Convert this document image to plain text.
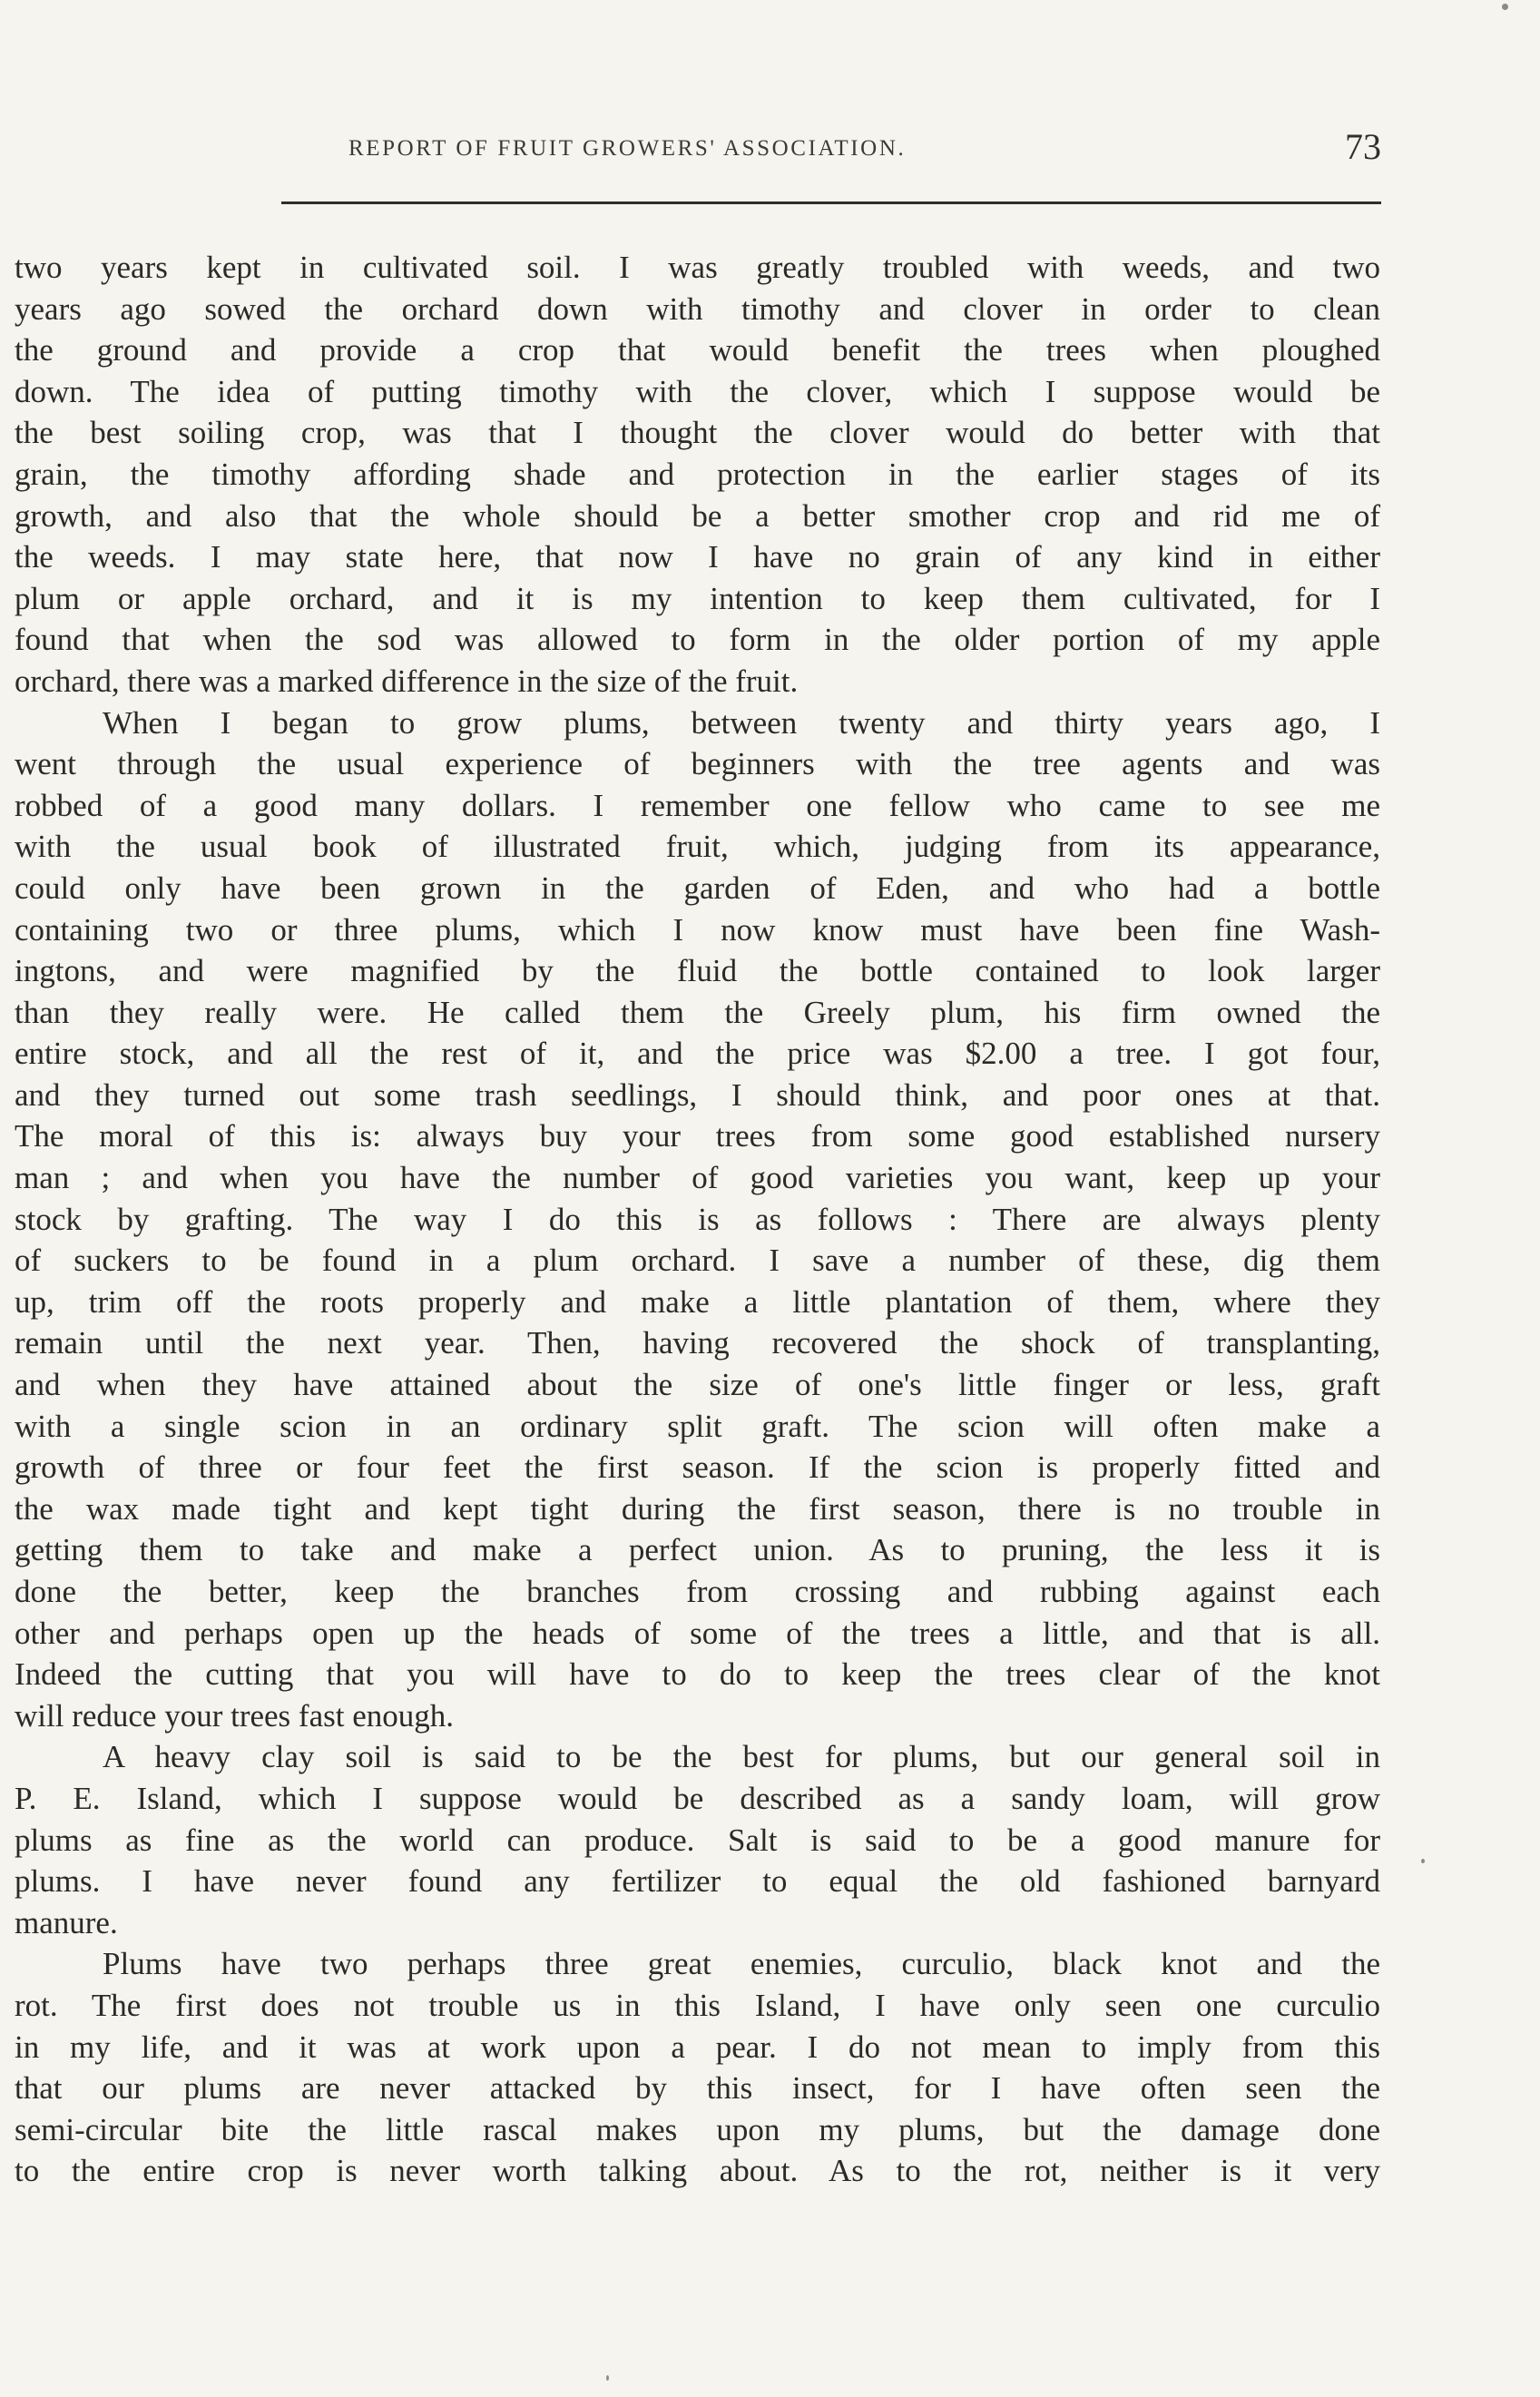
REPORT OF FRUIT GROWERS' ASSOCIATION.	73
two years kept in cultivated soil. I was greatly troubled with weeds, and two
years ago sowed the orchard down with timothy and clover in order to clean
the ground and provide a crop that would benefit the trees when ploughed
down. The idea of putting timothy with the clover, which I suppose would be
the best soiling crop, was that I thought the clover would do better with that
grain, the timothy affording shade and protection in the earlier stages of its
growth, and also that the whole should be a better smother crop and rid me of
the weeds. I may state here, that now I have no grain of any kind in either
plum or apple orchard, and it is my intention to keep them cultivated, for I
found that when the sod was allowed to form in the older portion of my apple
orchard, there was a marked difference in the size of the fruit.
When I began to grow plums, between twenty and thirty years ago, I
went through the usual experience of beginners with the tree agents and was
robbed of a good many dollars. I remember one fellow who came to see me
with the usual book of illustrated fruit, which, judging from its appearance,
could only have been grown in the garden of Eden, and who had a bottle
containing two or three plums, which I now know must have been fine Wash-
ingtons, and were magnified by the fluid the bottle contained to look larger
than they really were. He called them the Greely plum, his firm owned the
entire stock, and all the rest of it, and the price was $2.00 a tree. I got four,
and they turned out some trash seedlings, I should think, and poor ones at that.
The moral of this is: always buy your trees from some good established nursery
man ; and when you have the number of good varieties you want, keep up your
stock by grafting. The way I do this is as follows : There are always plenty
of suckers to be found in a plum orchard. I save a number of these, dig them
up, trim off the roots properly and make a little plantation of them, where they
remain until the next year. Then, having recovered the shock of transplanting,
and when they have attained about the size of one's little finger or less, graft
with a single scion in an ordinary split graft. The scion will often make a
growth of three or four feet the first season. If the scion is properly fitted and
the wax made tight and kept tight during the first season, there is no trouble in
getting them to take and make a perfect union. As to pruning, the less it is
done the better, keep the branches from crossing and rubbing against each
other and perhaps open up the heads of some of the trees a little, and that is all.
Indeed the cutting that you will have to do to keep the trees clear of the knot
will reduce your trees fast enough.
A heavy clay soil is said to be the best for plums, but our general soil in
P. E. Island, which I suppose would be described as a sandy loam, will grow
plums as fine as the world can produce. Salt is said to be a good manure for
plums. I have never found any fertilizer to equal the old fashioned barnyard
manure.
Plums have two perhaps three great enemies, curculio, black knot and the
rot. The first does not trouble us in this Island, I have only seen one curculio
in my life, and it was at work upon a pear. I do not mean to imply from this
that our plums are never attacked by this insect, for I have often seen the
semi-circular bite the little rascal makes upon my plums, but the damage done
to the entire crop is never worth talking about. As to the rot, neither is it very
